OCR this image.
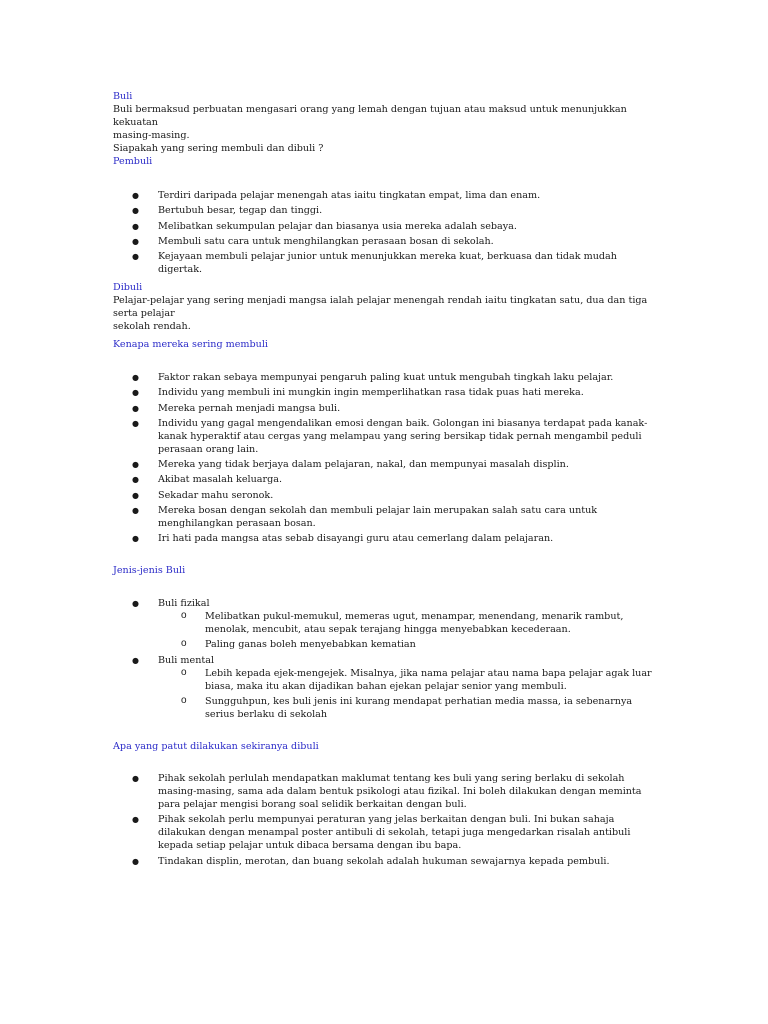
Buli
Buli bermaksud perbuatan mengasari orang yang lemah dengan tujuan atau maksud untuk menunjukkan kekuatan
masing-masing.
Siapakah yang sering membuli dan dibuli ?
Pembuli
● Terdiri daripada pelajar menengah atas iaitu tingkatan empat, lima dan enam.
● Bertubuh besar, tegap dan tinggi.
● Melibatkan sekumpulan pelajar dan biasanya usia mereka adalah sebaya.
● Membuli satu cara untuk menghilangkan perasaan bosan di sekolah.
● Kejayaan membuli pelajar junior untuk menunjukkan mereka kuat, berkuasa dan tidak mudah digertak.
Dibuli
Pelajar-pelajar yang sering menjadi mangsa ialah pelajar menengah rendah iaitu tingkatan satu, dua dan tiga serta pelajar
sekolah rendah.
Kenapa mereka sering membuli
● Faktor rakan sebaya mempunyai pengaruh paling kuat untuk mengubah tingkah laku pelajar.
● Individu yang membuli ini mungkin ingin memperlihatkan rasa tidak puas hati mereka.
● Mereka pernah menjadi mangsa buli.
● Individu yang gagal mengendalikan emosi dengan baik. Golongan ini biasanya terdapat pada kanak-kanak hyperaktif atau cergas yang melampau yang sering bersikap tidak pernah mengambil peduli perasaan orang lain.
● Mereka yang tidak berjaya dalam pelajaran, nakal, dan mempunyai masalah displin.
● Akibat masalah keluarga.
● Sekadar mahu seronok.
● Mereka bosan dengan sekolah dan membuli pelajar lain merupakan salah satu cara untuk menghilangkan perasaan bosan.
● Iri hati pada mangsa atas sebab disayangi guru atau cemerlang dalam pelajaran.
Jenis-jenis Buli
● Buli fizikal
o Melibatkan pukul-memukul, memeras ugut, menampar, menendang, menarik rambut, menolak, mencubit, atau sepak terajang hingga menyebabkan kecederaan.
o Paling ganas boleh menyebabkan kematian
● Buli mental
o Lebih kepada ejek-mengejek. Misalnya, jika nama pelajar atau nama bapa pelajar agak luar biasa, maka itu akan dijadikan bahan ejekan pelajar senior yang membuli.
o Sungguhpun, kes buli jenis ini kurang mendapat perhatian media massa, ia sebenarnya serius berlaku di sekolah
Apa yang patut dilakukan sekiranya dibuli
● Pihak sekolah perlulah mendapatkan maklumat tentang kes buli yang sering berlaku di sekolah masing-masing, sama ada dalam bentuk psikologi atau fizikal. Ini boleh dilakukan dengan meminta para pelajar mengisi borang soal selidik berkaitan dengan buli.
● Pihak sekolah perlu mempunyai peraturan yang jelas berkaitan dengan buli. Ini bukan sahaja dilakukan dengan menampal poster antibuli di sekolah, tetapi juga mengedarkan risalah antibuli kepada setiap pelajar untuk dibaca bersama dengan ibu bapa.
● Tindakan displin, merotan, dan buang sekolah adalah hukuman sewajarnya kepada pembuli.
